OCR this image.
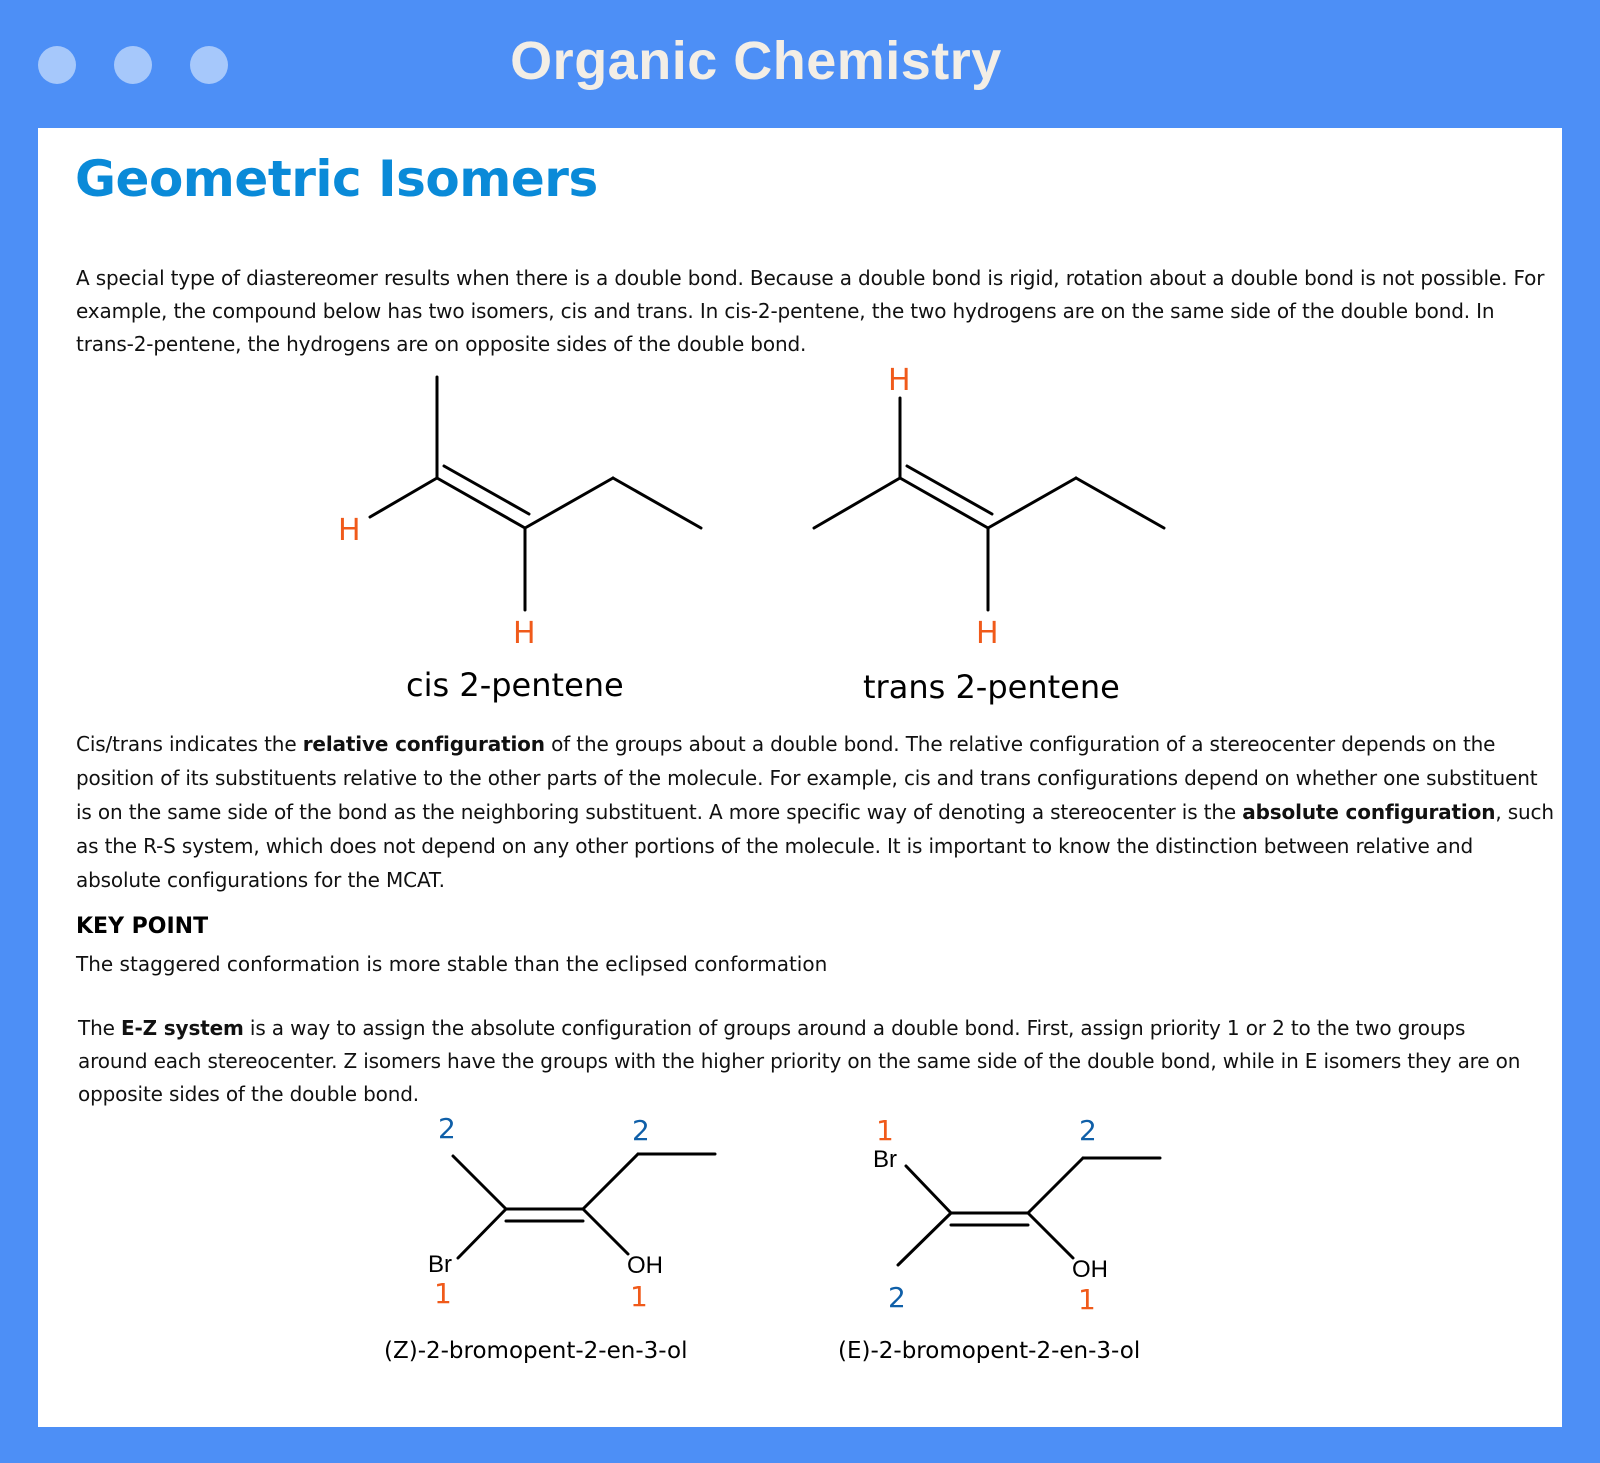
Organic Chemistry
Geometric Isomers

A special type of diastereomer results when there is a double bond. Because a double bond is rigid, rotation about a double bond is not possible. For example, the compound below has two isomers, cis and trans. In cis-2-pentene, the two hydrogens are on the same side of the double bond. In trans-2-pentene, the hydrogens are on opposite sides of the double bond.

H
H
cis 2-pentene
H
H
trans 2-pentene

Cis/trans indicates the relative configuration of the groups about a double bond. The relative configuration of a stereocenter depends on the position of its substituents relative to the other parts of the molecule. For example, cis and trans configurations depend on whether one substituent is on the same side of the bond as the neighboring substituent. A more specific way of denoting a stereocenter is the absolute configuration, such as the R-S system, which does not depend on any other portions of the molecule. It is important to know the distinction between relative and absolute configurations for the MCAT.

KEY POINT

The staggered conformation is more stable than the eclipsed conformation

The E-Z system is a way to assign the absolute configuration of groups around a double bond. First, assign priority 1 or 2 to the two groups around each stereocenter. Z isomers have the groups with the higher priority on the same side of the double bond, while in E isomers they are on opposite sides of the double bond.

2	2
Br	OH
1	1
(Z)-2-bromopent-2-en-3-ol
1
Br
2
OH
2	1
(E)-2-bromopent-2-en-3-ol
